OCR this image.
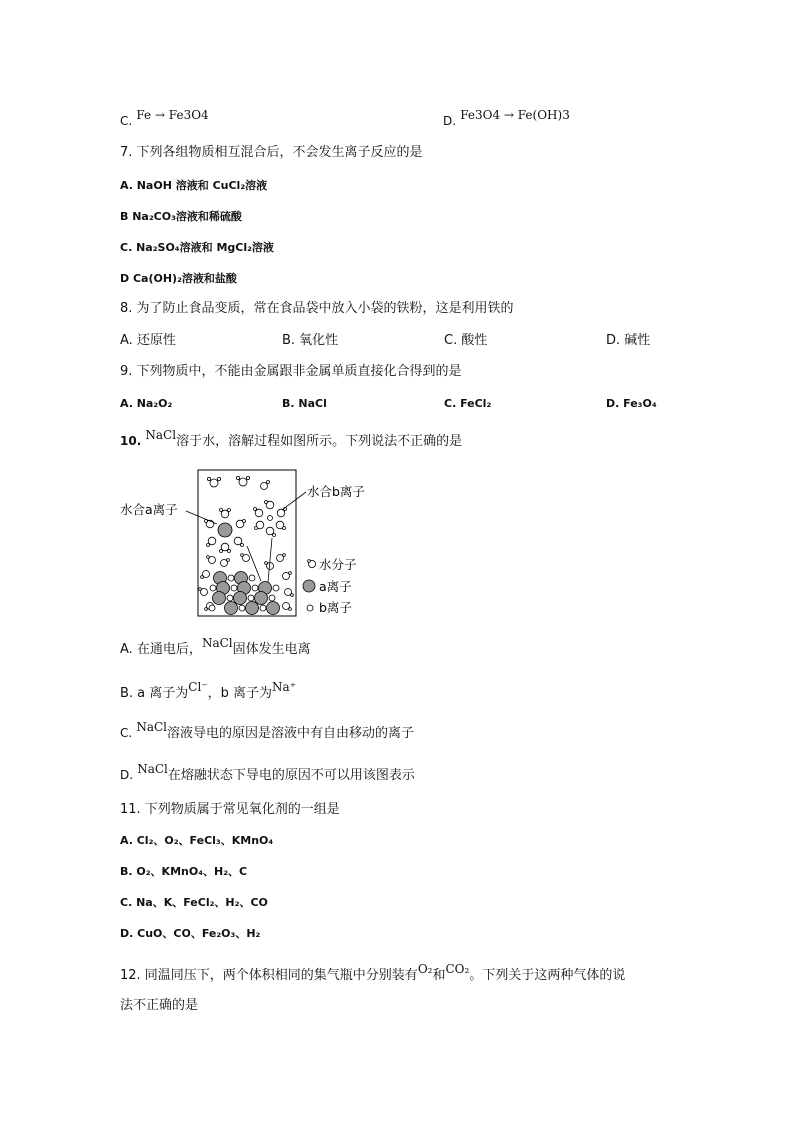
C. Fe → Fe3O4	D. Fe3O4 → Fe(OH)3
7. 下列各组物质相互混合后，不会发生离子反应的是
A. NaOH 溶液和 CuCl₂溶液
B Na₂CO₃溶液和稀硫酸
C. Na₂SO₄溶液和 MgCl₂溶液
D Ca(OH)₂溶液和盐酸
8. 为了防止食品变质，常在食品袋中放入小袋的铁粉，这是利用铁的
A. 还原性	B. 氧化性	C. 酸性	D. 碱性
9. 下列物质中，不能由金属跟非金属单质直接化合得到的是
A. Na₂O₂	B. NaCl	C. FeCl₂	D. Fe₃O₄
10. NaCl溶于水，溶解过程如图所示。下列说法不正确的是
水合a离子
水合b离子
水分子
a离子
b离子
A. 在通电后，NaCl固体发生电离
B. a 离子为Cl⁻，b 离子为Na⁺
C. NaCl溶液导电的原因是溶液中有自由移动的离子
D. NaCl在熔融状态下导电的原因不可以用该图表示
11. 下列物质属于常见氧化剂的一组是
A. Cl₂、O₂、FeCl₃、KMnO₄
B. O₂、KMnO₄、H₂、C
C. Na、K、FeCl₂、H₂、CO
D. CuO、CO、Fe₂O₃、H₂
12. 同温同压下，两个体积相同的集气瓶中分别装有O₂和CO₂。下列关于这两种气体的说
法不正确的是
